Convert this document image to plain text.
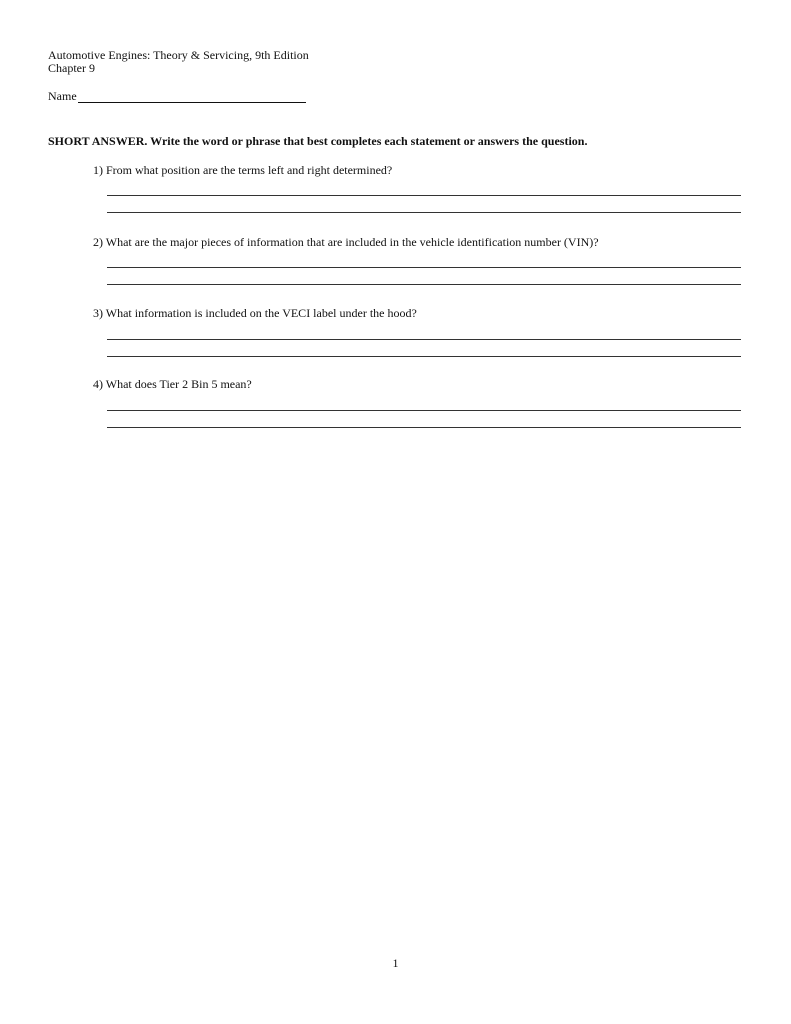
Automotive Engines: Theory & Servicing, 9th Edition
Chapter 9
Name
SHORT ANSWER. Write the word or phrase that best completes each statement or answers the question.
1) From what position are the terms left and right determined?
2) What are the major pieces of information that are included in the vehicle identification number (VIN)?
3) What information is included on the VECI label under the hood?
4) What does Tier 2 Bin 5 mean?
1
